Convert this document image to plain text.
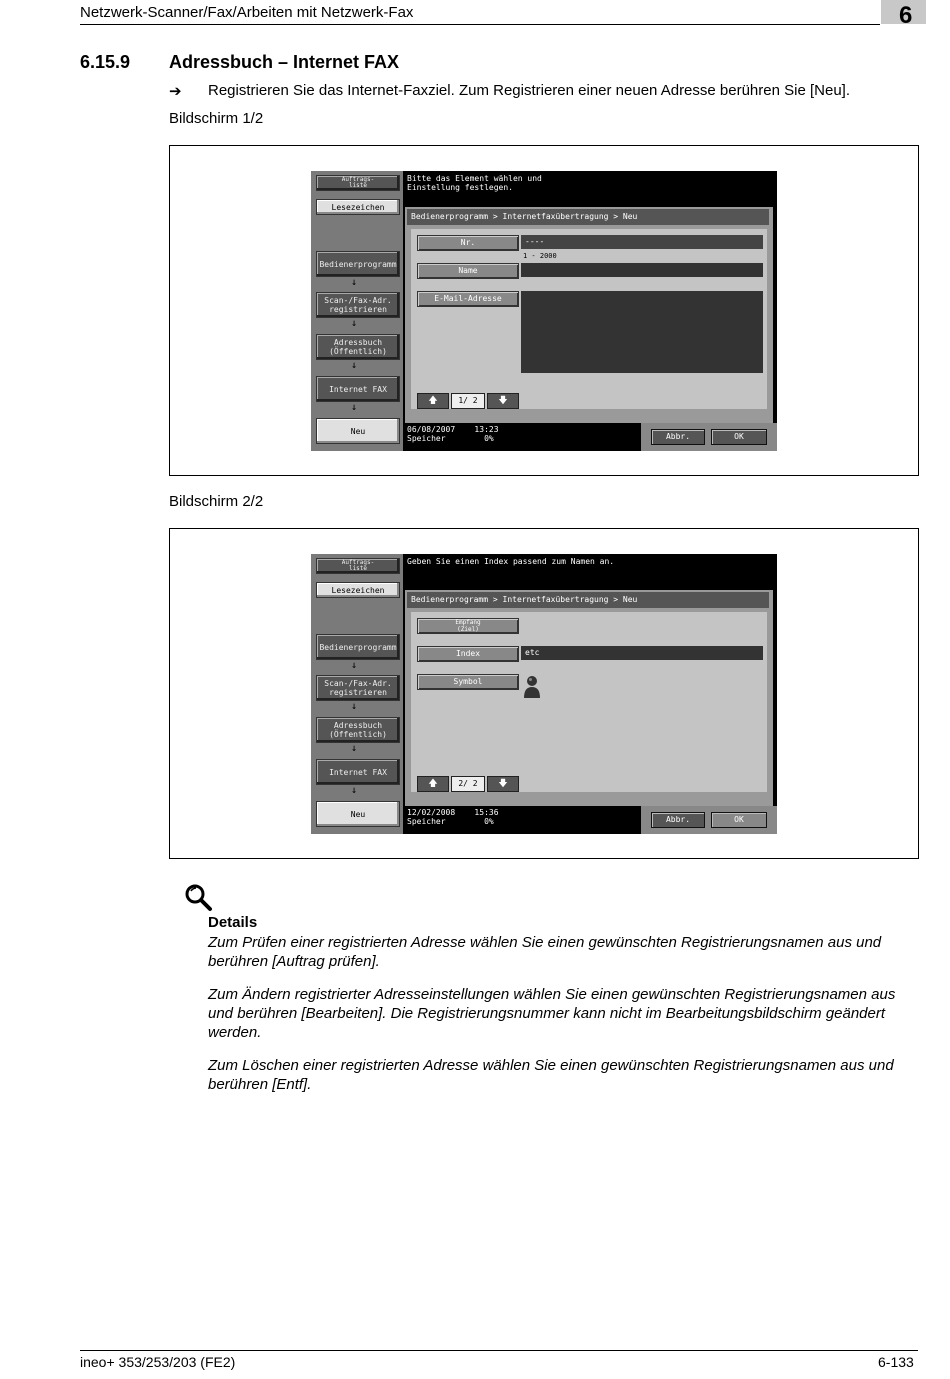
Netzwerk-Scanner/Fax/Arbeiten mit Netzwerk-Fax	6
6.15.9 Adressbuch – Internet FAX
➔ Registrieren Sie das Internet-Faxziel. Zum Registrieren einer neuen Adresse berühren Sie [Neu].
Bildschirm 1/2
Auftrags-
liste
Lesezeichen
Bedienerprogramm
↓
Scan-/Fax-Adr.
registrieren
↓
Adressbuch
(Öffentlich)
↓
Internet FAX
↓
Neu
Bitte das Element wählen und
Einstellung festlegen.
Bedienerprogramm > Internetfaxübertragung > Neu
Nr.	----
1 - 2000
Name
E-Mail-Adresse
🡅	1/ 2	🡇
06/08/2007    13:23
Speicher        0%	Abbr.	OK
Bildschirm 2/2
Auftrags-
liste
Lesezeichen
Bedienerprogramm
↓
Scan-/Fax-Adr.
registrieren
↓
Adressbuch
(Öffentlich)
↓
Internet FAX
↓
Neu
Geben Sie einen Index passend zum Namen an.
Bedienerprogramm > Internetfaxübertragung > Neu
Empfang
(Ziel)
Index	etc
Symbol
🡅	2/ 2	🡇
12/02/2008    15:36
Speicher        0%	Abbr.	OK
Details
Zum Prüfen einer registrierten Adresse wählen Sie einen gewünschten Registrierungsnamen aus und berühren [Auftrag prüfen].
Zum Ändern registrierter Adresseinstellungen wählen Sie einen gewünschten Registrierungsnamen aus und berühren [Bearbeiten]. Die Registrierungsnummer kann nicht im Bearbeitungsbildschirm geändert werden.
Zum Löschen einer registrierten Adresse wählen Sie einen gewünschten Registrierungsnamen aus und berühren [Entf].
ineo+ 353/253/203 (FE2)	6-133
